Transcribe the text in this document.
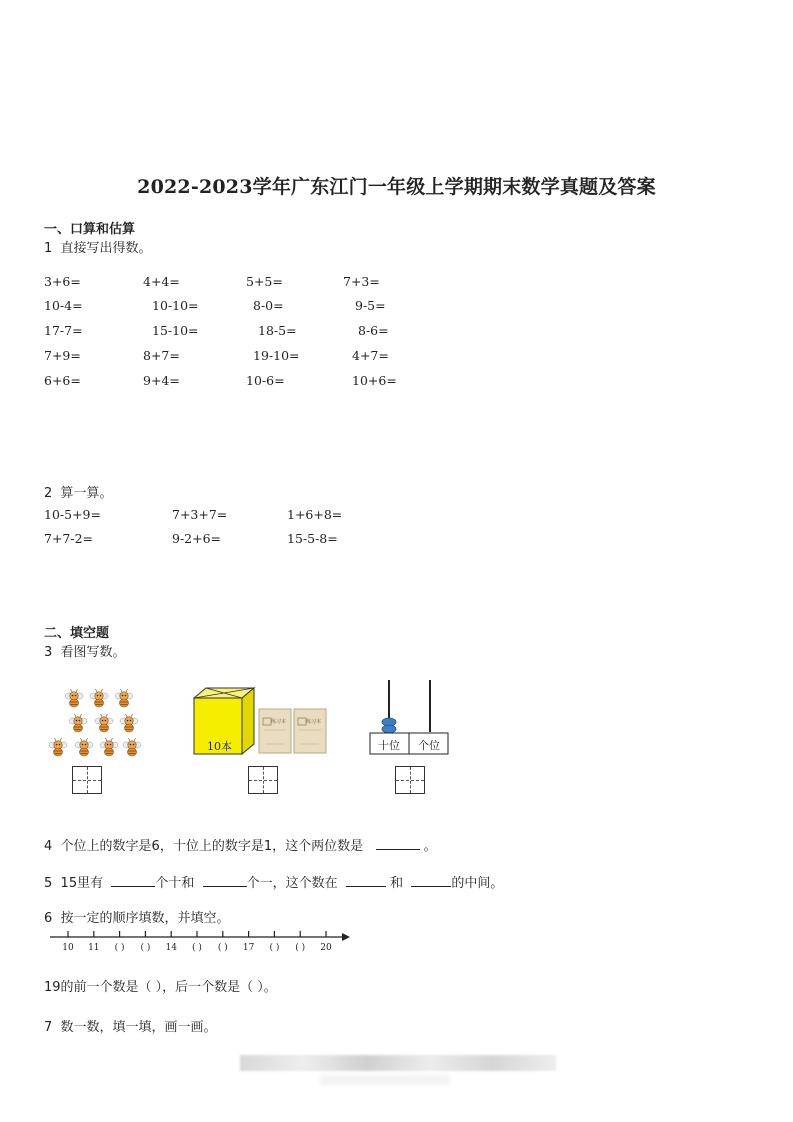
2022-2023学年广东江门一年级上学期期末数学真题及答案
一、口算和估算
1 直接写出得数。
3+6=	4+4=	5+5=	7+3=
10-4=	10-10=	8-0=	9-5=
17-7=	15-10=	18-5=	8-6=
7+9=	8+7=	19-10=	4+7=
6+6=	9+4=	10-6=	10+6=
2 算一算。
10-5+9=	7+3+7=	1+6+8=
7+7-2=	9-2+6=	15-5-8=
二、填空题
3 看图写数。
10本
练习本	练习本
十位 个位
4 个位上的数字是6，十位上的数字是1，这个两位数是	。
5 15里有	个十和	个一，这个数在	和	的中间。
6 按一定的顺序填数，并填空。
10 11 ( ) ( ) 14 ( ) ( ) 17 ( ) ( ) 20
19的前一个数是（ ），后一个数是（ ）。
7 数一数，填一填，画一画。
